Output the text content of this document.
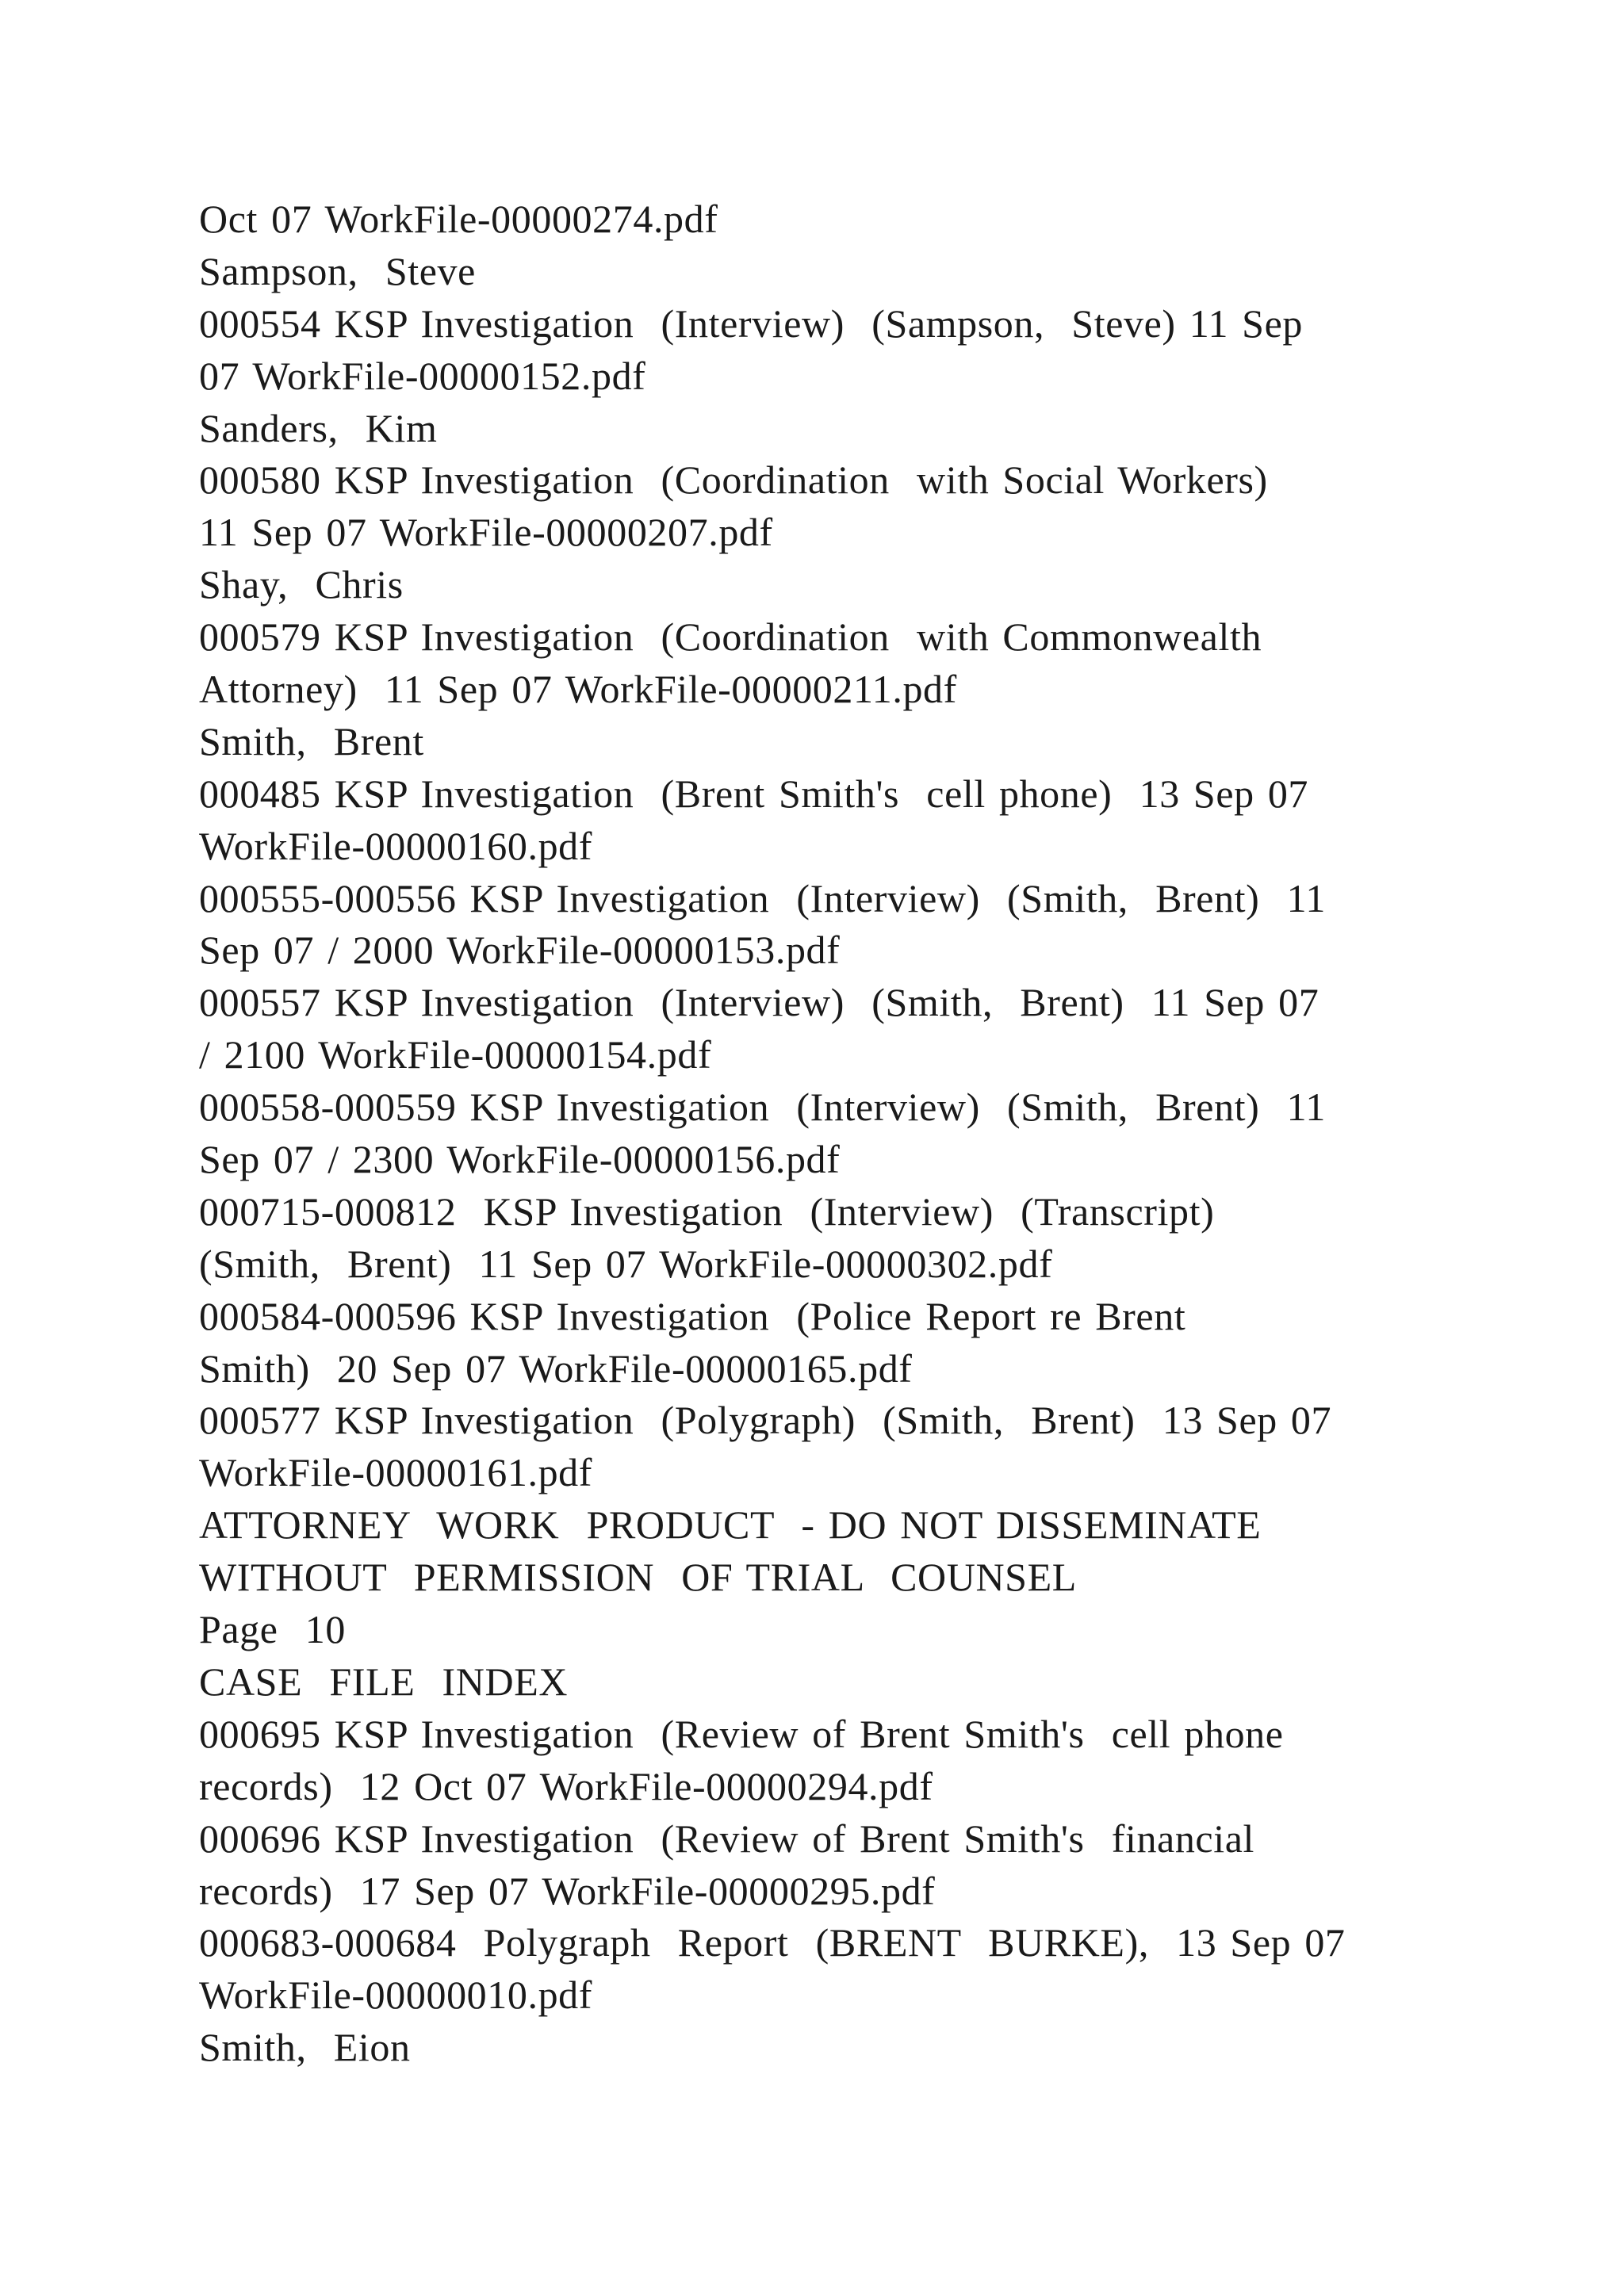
Oct 07 WorkFile-00000274.pdf
Sampson,  Steve
000554 KSP Investigation  (Interview)  (Sampson,  Steve) 11 Sep
07 WorkFile-00000152.pdf
Sanders,  Kim
000580 KSP Investigation  (Coordination  with Social Workers)
11 Sep 07 WorkFile-00000207.pdf
Shay,  Chris
000579 KSP Investigation  (Coordination  with Commonwealth
Attorney)  11 Sep 07 WorkFile-00000211.pdf
Smith,  Brent
000485 KSP Investigation  (Brent Smith's  cell phone)  13 Sep 07
WorkFile-00000160.pdf
000555-000556 KSP Investigation  (Interview)  (Smith,  Brent)  11
Sep 07 / 2000 WorkFile-00000153.pdf
000557 KSP Investigation  (Interview)  (Smith,  Brent)  11 Sep 07
/ 2100 WorkFile-00000154.pdf
000558-000559 KSP Investigation  (Interview)  (Smith,  Brent)  11
Sep 07 / 2300 WorkFile-00000156.pdf
000715-000812  KSP Investigation  (Interview)  (Transcript)
(Smith,  Brent)  11 Sep 07 WorkFile-00000302.pdf
000584-000596 KSP Investigation  (Police Report re Brent
Smith)  20 Sep 07 WorkFile-00000165.pdf
000577 KSP Investigation  (Polygraph)  (Smith,  Brent)  13 Sep 07
WorkFile-00000161.pdf
ATTORNEY  WORK  PRODUCT  - DO NOT DISSEMINATE
WITHOUT  PERMISSION  OF TRIAL  COUNSEL
Page  10
CASE  FILE  INDEX
000695 KSP Investigation  (Review of Brent Smith's  cell phone
records)  12 Oct 07 WorkFile-00000294.pdf
000696 KSP Investigation  (Review of Brent Smith's  financial
records)  17 Sep 07 WorkFile-00000295.pdf
000683-000684  Polygraph  Report  (BRENT  BURKE),  13 Sep 07
WorkFile-00000010.pdf
Smith,  Eion
